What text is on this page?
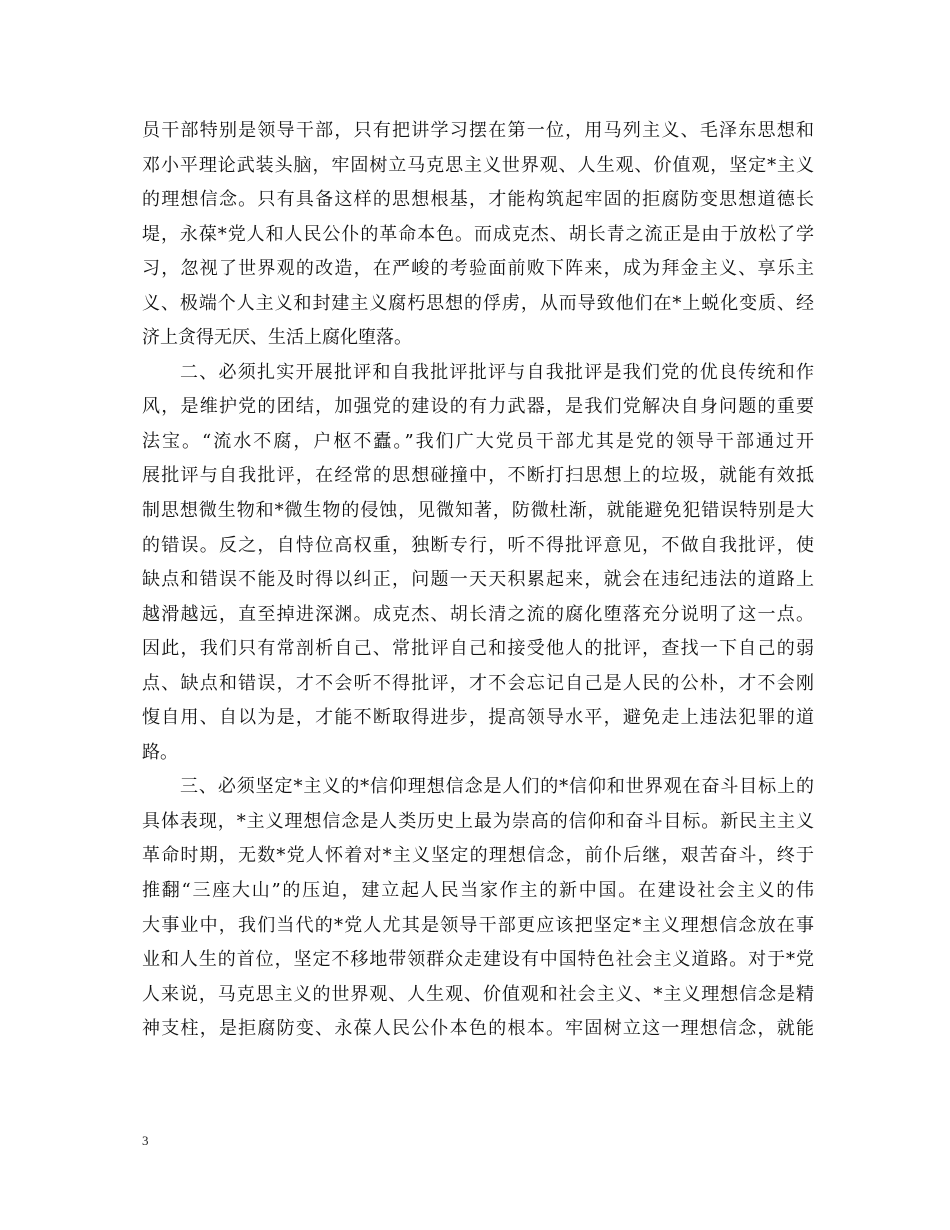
员干部特别是领导干部，只有把讲学习摆在第一位，用马列主义、毛泽东思想和
邓小平理论武装头脑，牢固树立马克思主义世界观、人生观、价值观，坚定*主义
的理想信念。只有具备这样的思想根基，才能构筑起牢固的拒腐防变思想道德长
堤，永葆*党人和人民公仆的革命本色。而成克杰、胡长青之流正是由于放松了学
习，忽视了世界观的改造，在严峻的考验面前败下阵来，成为拜金主义、享乐主
义、极端个人主义和封建主义腐朽思想的俘虏，从而导致他们在*上蜕化变质、经
济上贪得无厌、生活上腐化堕落。
二、必须扎实开展批评和自我批评批评与自我批评是我们党的优良传统和作
风，是维护党的团结，加强党的建设的有力武器，是我们党解决自身问题的重要
法宝。“流水不腐，户枢不蠹。”我们广大党员干部尤其是党的领导干部通过开
展批评与自我批评，在经常的思想碰撞中，不断打扫思想上的垃圾，就能有效抵
制思想微生物和*微生物的侵蚀，见微知著，防微杜渐，就能避免犯错误特别是大
的错误。反之，自恃位高权重，独断专行，听不得批评意见，不做自我批评，使
缺点和错误不能及时得以纠正，问题一天天积累起来，就会在违纪违法的道路上
越滑越远，直至掉进深渊。成克杰、胡长清之流的腐化堕落充分说明了这一点。
因此，我们只有常剖析自己、常批评自己和接受他人的批评，查找一下自己的弱
点、缺点和错误，才不会听不得批评，才不会忘记自己是人民的公朴，才不会刚
愎自用、自以为是，才能不断取得进步，提高领导水平，避免走上违法犯罪的道
路。
三、必须坚定*主义的*信仰理想信念是人们的*信仰和世界观在奋斗目标上的
具体表现，*主义理想信念是人类历史上最为崇高的信仰和奋斗目标。新民主主义
革命时期，无数*党人怀着对*主义坚定的理想信念，前仆后继，艰苦奋斗，终于
推翻“三座大山”的压迫，建立起人民当家作主的新中国。在建设社会主义的伟
大事业中，我们当代的*党人尤其是领导干部更应该把坚定*主义理想信念放在事
业和人生的首位，坚定不移地带领群众走建设有中国特色社会主义道路。对于*党
人来说，马克思主义的世界观、人生观、价值观和社会主义、*主义理想信念是精
神支柱，是拒腐防变、永葆人民公仆本色的根本。牢固树立这一理想信念，就能
3
